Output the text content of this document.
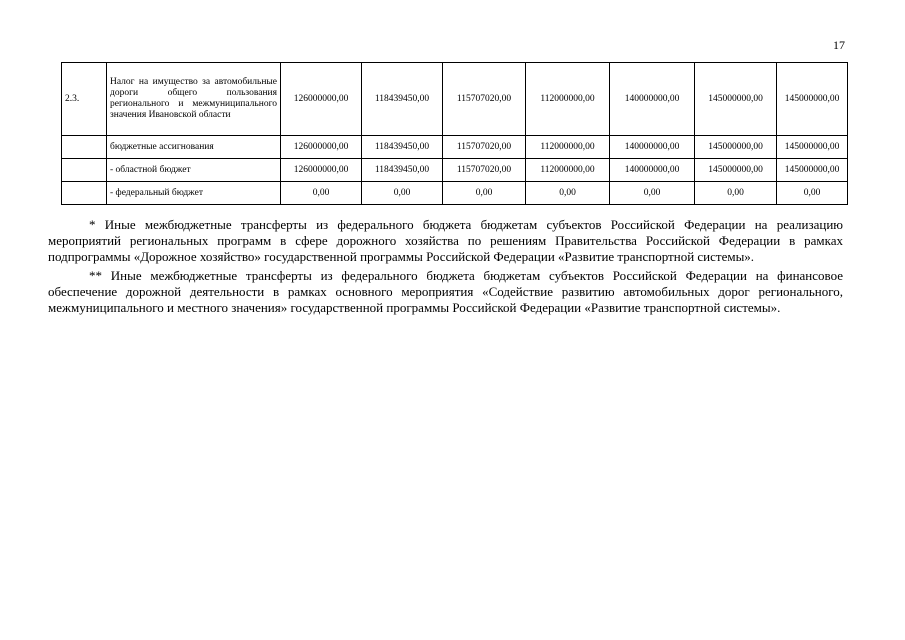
17
2.3.	Налог на имущество за автомобильные дороги общего пользования регионального и межмуниципального значения Ивановской области	126000000,00	118439450,00	115707020,00	112000000,00	140000000,00	145000000,00	145000000,00
	бюджетные ассигнования	126000000,00	118439450,00	115707020,00	112000000,00	140000000,00	145000000,00	145000000,00
	- областной бюджет	126000000,00	118439450,00	115707020,00	112000000,00	140000000,00	145000000,00	145000000,00
	- федеральный бюджет	0,00	0,00	0,00	0,00	0,00	0,00	0,00

* Иные межбюджетные трансферты из федерального бюджета бюджетам субъектов Российской Федерации на реализацию мероприятий региональных программ в сфере дорожного хозяйства по решениям Правительства Российской Федерации в рамках подпрограммы «Дорожное хозяйство» государственной программы Российской Федерации «Развитие транспортной системы».

** Иные межбюджетные трансферты из федерального бюджета бюджетам субъектов Российской Федерации на финансовое обеспечение дорожной деятельности в рамках основного мероприятия «Содействие развитию автомобильных дорог регионального, межмуниципального и местного значения» государственной программы Российской Федерации «Развитие транспортной системы».
